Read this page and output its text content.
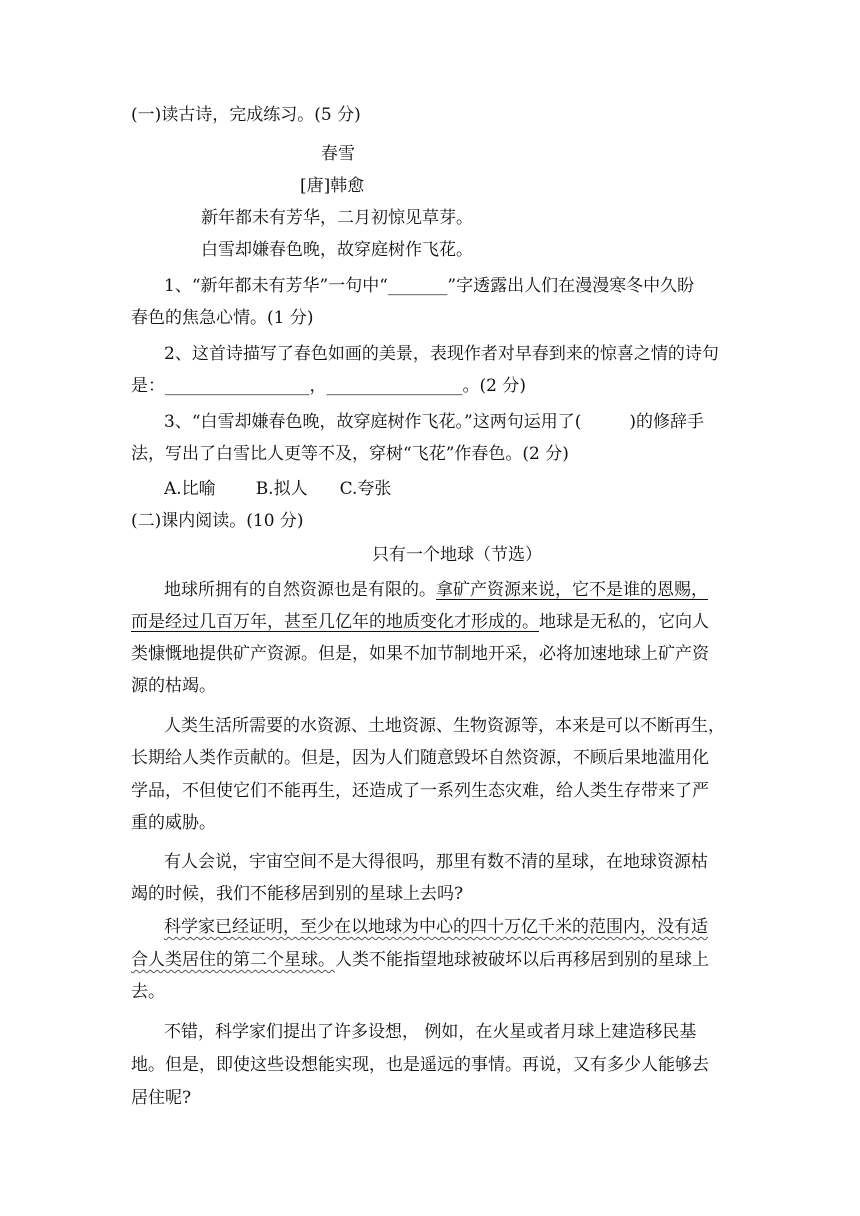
(一)读古诗，完成练习。(5 分)
春雪
[唐]韩愈
新年都未有芳华，二月初惊见草芽。
白雪却嫌春色晚，故穿庭树作飞花。
1、“新年都未有芳华”一句中“_______”字透露出人们在漫漫寒冬中久盼
春色的焦急心情。(1 分)
2、这首诗描写了春色如画的美景，表现作者对早春到来的惊喜之情的诗句
是：_________________，________________。(2 分)
3、“白雪却嫌春色晚，故穿庭树作飞花。”这两句运用了(	)的修辞手
法，写出了白雪比人更等不及，穿树“飞花”作春色。(2 分)
A.比喻 B.拟人 C.夸张
(二)课内阅读。(10 分)
只有一个地球（节选）
地球所拥有的自然资源也是有限的。拿矿产资源来说，它不是谁的恩赐，
而是经过几百万年，甚至几亿年的地质变化才形成的。地球是无私的，它向人
类慷慨地提供矿产资源。但是，如果不加节制地开采，必将加速地球上矿产资
源的枯竭。
人类生活所需要的水资源、土地资源、生物资源等，本来是可以不断再生，
长期给人类作贡献的。但是，因为人们随意毁坏自然资源，不顾后果地滥用化
学品，不但使它们不能再生，还造成了一系列生态灾难，给人类生存带来了严
重的威胁。
有人会说，宇宙空间不是大得很吗，那里有数不清的星球，在地球资源枯
竭的时候，我们不能移居到别的星球上去吗?
科学家已经证明，至少在以地球为中心的四十万亿千米的范围内，没有适
合人类居住的第二个星球。人类不能指望地球被破坏以后再移居到别的星球上
去。
不错，科学家们提出了许多设想， 例如，在火星或者月球上建造移民基
地。但是，即使这些设想能实现，也是遥远的事情。再说，又有多少人能够去
居住呢?
